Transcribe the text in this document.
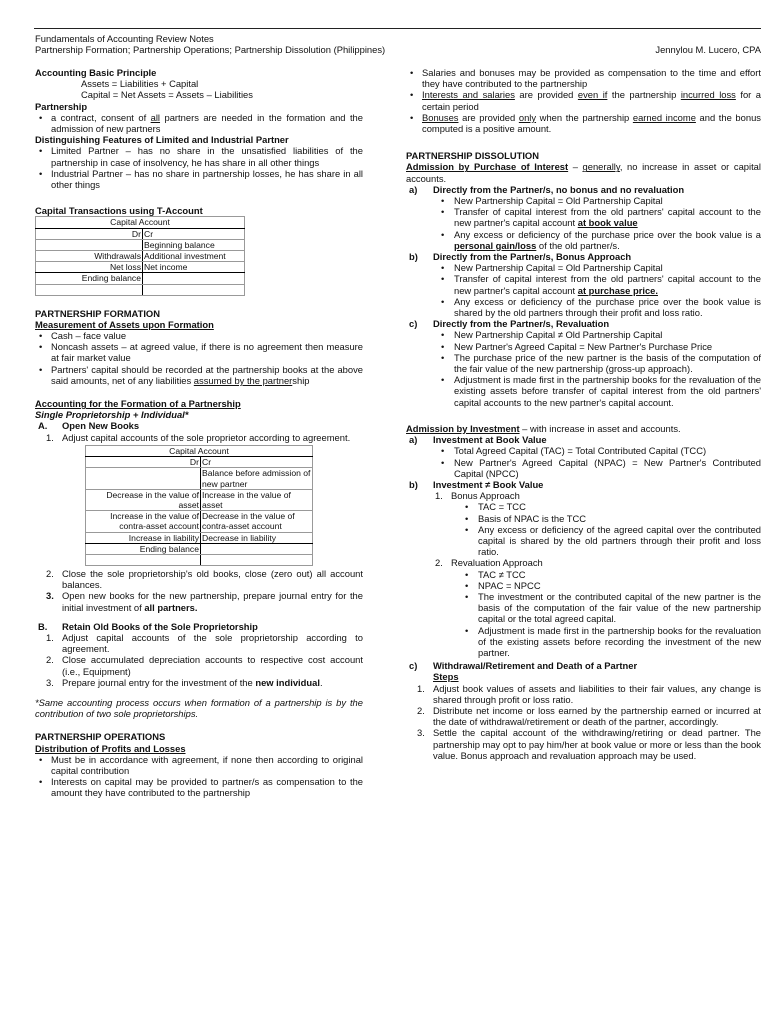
Fundamentals of Accounting Review Notes
Partnership Formation; Partnership Operations; Partnership Dissolution (Philippines)	Jennylou M. Lucero, CPA

Accounting Basic Principle

Assets = Liabilities + Capital

Capital = Net Assets = Assets – Liabilities

Partnership

• a contract, consent of all partners are needed in the formation and the admission of new partners

Distinguishing Features of Limited and Industrial Partner

• Limited Partner – has no share in the unsatisfied liabilities of the partnership in case of insolvency, he has share in all other things
• Industrial Partner – has no share in partnership losses, he has share in all other things

Capital Transactions using T-Account

Capital Account	
Dr	Cr
	Beginning balance
Withdrawals	Additional investment
Net loss	Net income
Ending balance	

PARTNERSHIP FORMATION

Measurement of Assets upon Formation

• Cash – face value
• Noncash assets – at agreed value, if there is no agreement then measure at fair market value
• Partners' capital should be recorded at the partnership books at the above said amounts, net of any liabilities assumed by the partnership

Accounting for the Formation of a Partnership

Single Proprietorship + Individual*

A. Open New Books
1. Adjust capital accounts of the sole proprietor according to agreement.
Capital Account	
Dr	Cr
	Balance before admission of new partner
Decrease in the value of asset	Increase in the value of asset
Increase in the value of contra-asset account	Decrease in the value of contra-asset account
Increase in liability	Decrease in liability
Ending balance	

2. Close the sole proprietorship's old books, close (zero out) all account balances.
3. Open new books for the new partnership, prepare journal entry for the initial investment of all partners.
B. Retain Old Books of the Sole Proprietorship
1. Adjust capital accounts of the sole proprietorship according to agreement.
2. Close accumulated depreciation accounts to respective cost account (i.e., Equipment)
3. Prepare journal entry for the investment of the new individual.

*Same accounting process occurs when formation of a partnership is by the contribution of two sole proprietorships.

PARTNERSHIP OPERATIONS

Distribution of Profits and Losses

• Must be in accordance with agreement, if none then according to original capital contribution
• Interests on capital may be provided to partner/s as compensation to the amount they have contributed to the partnership
• Salaries and bonuses may be provided as compensation to the time and effort they have contributed to the partnership
• Interests and salaries are provided even if the partnership incurred loss for a certain period
• Bonuses are provided only when the partnership earned income and the bonus computed is a positive amount.

PARTNERSHIP DISSOLUTION

Admission by Purchase of Interest – generally, no increase in asset or capital accounts.

a) Directly from the Partner/s, no bonus and no revaluation
• New Partnership Capital = Old Partnership Capital
• Transfer of capital interest from the old partners' capital account to the new partner's capital account at book value
• Any excess or deficiency of the purchase price over the book value is a personal gain/loss of the old partner/s.
b) Directly from the Partner/s, Bonus Approach
• New Partnership Capital = Old Partnership Capital
• Transfer of capital interest from the old partners' capital account to the new partner's capital account at purchase price.
• Any excess or deficiency of the purchase price over the book value is shared by the old partners through their profit and loss ratio.
c) Directly from the Partner/s, Revaluation
• New Partnership Capital ≠ Old Partnership Capital
• New Partner's Agreed Capital = New Partner's Purchase Price
• The purchase price of the new partner is the basis of the computation of the fair value of the new partnership (gross-up approach).
• Adjustment is made first in the partnership books for the revaluation of the existing assets before transfer of capital interest from the old partners' capital accounts to the new partner's capital account.

Admission by Investment – with increase in asset and accounts.

a) Investment at Book Value
• Total Agreed Capital (TAC) = Total Contributed Capital (TCC)
• New Partner's Agreed Capital (NPAC) = New Partner's Contributed Capital (NPCC)
b) Investment ≠ Book Value
1. Bonus Approach
• TAC = TCC
• Basis of NPAC is the TCC
• Any excess or deficiency of the agreed capital over the contributed capital is shared by the old partners through their profit and loss ratio.
2. Revaluation Approach
• TAC ≠ TCC
• NPAC = NPCC
• The investment or the contributed capital of the new partner is the basis of the computation of the fair value of the new partnership capital or the total agreed capital.
• Adjustment is made first in the partnership books for the revaluation of the existing assets before recording the investment of the new partner.
c) Withdrawal/Retirement and Death of a Partner

Steps

1. Adjust book values of assets and liabilities to their fair values, any change is shared through profit or loss ratio.
2. Distribute net income or loss earned by the partnership earned or incurred at the date of withdrawal/retirement or death of the partner, accordingly.
3. Settle the capital account of the withdrawing/retiring or dead partner. The partnership may opt to pay him/her at book value or more or less than the book value. Bonus approach and revaluation approach may be used.
